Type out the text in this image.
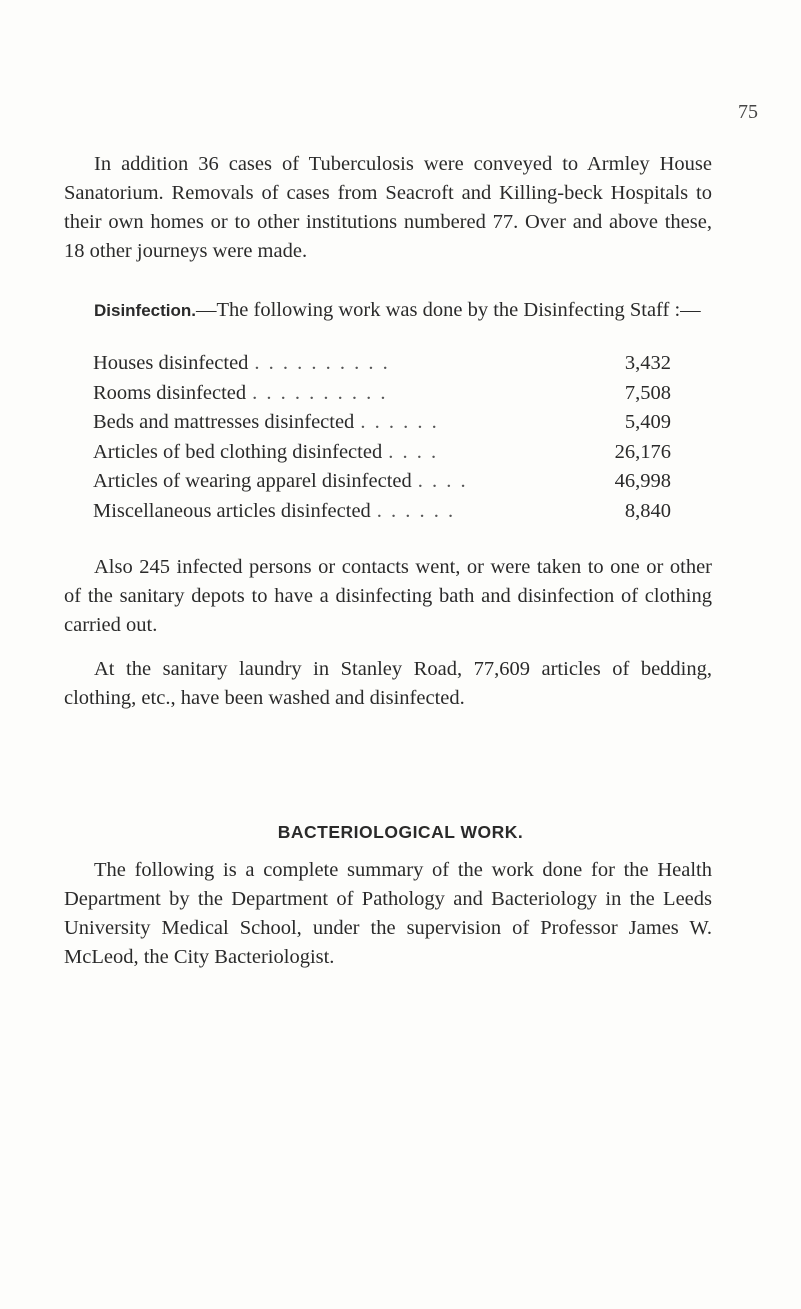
75

In addition 36 cases of Tuberculosis were conveyed to Armley House Sanatorium. Removals of cases from Seacroft and Killing-beck Hospitals to their own homes or to other institutions numbered 77. Over and above these, 18 other journeys were made.

Disinfection.—The following work was done by the Disinfecting Staff :—

Houses disinfected . . . . . . . . . .	3,432
Rooms disinfected . . . . . . . . . .	7,508
Beds and mattresses disinfected . . . . . .	5,409
Articles of bed clothing disinfected . . . .	26,176
Articles of wearing apparel disinfected . . . .	46,998
Miscellaneous articles disinfected . . . . . .	8,840

Also 245 infected persons or contacts went, or were taken to one or other of the sanitary depots to have a disinfecting bath and disinfection of clothing carried out.

At the sanitary laundry in Stanley Road, 77,609 articles of bedding, clothing, etc., have been washed and disinfected.

BACTERIOLOGICAL WORK.

The following is a complete summary of the work done for the Health Department by the Department of Pathology and Bacteriology in the Leeds University Medical School, under the supervision of Professor James W. McLeod, the City Bacteriologist.
